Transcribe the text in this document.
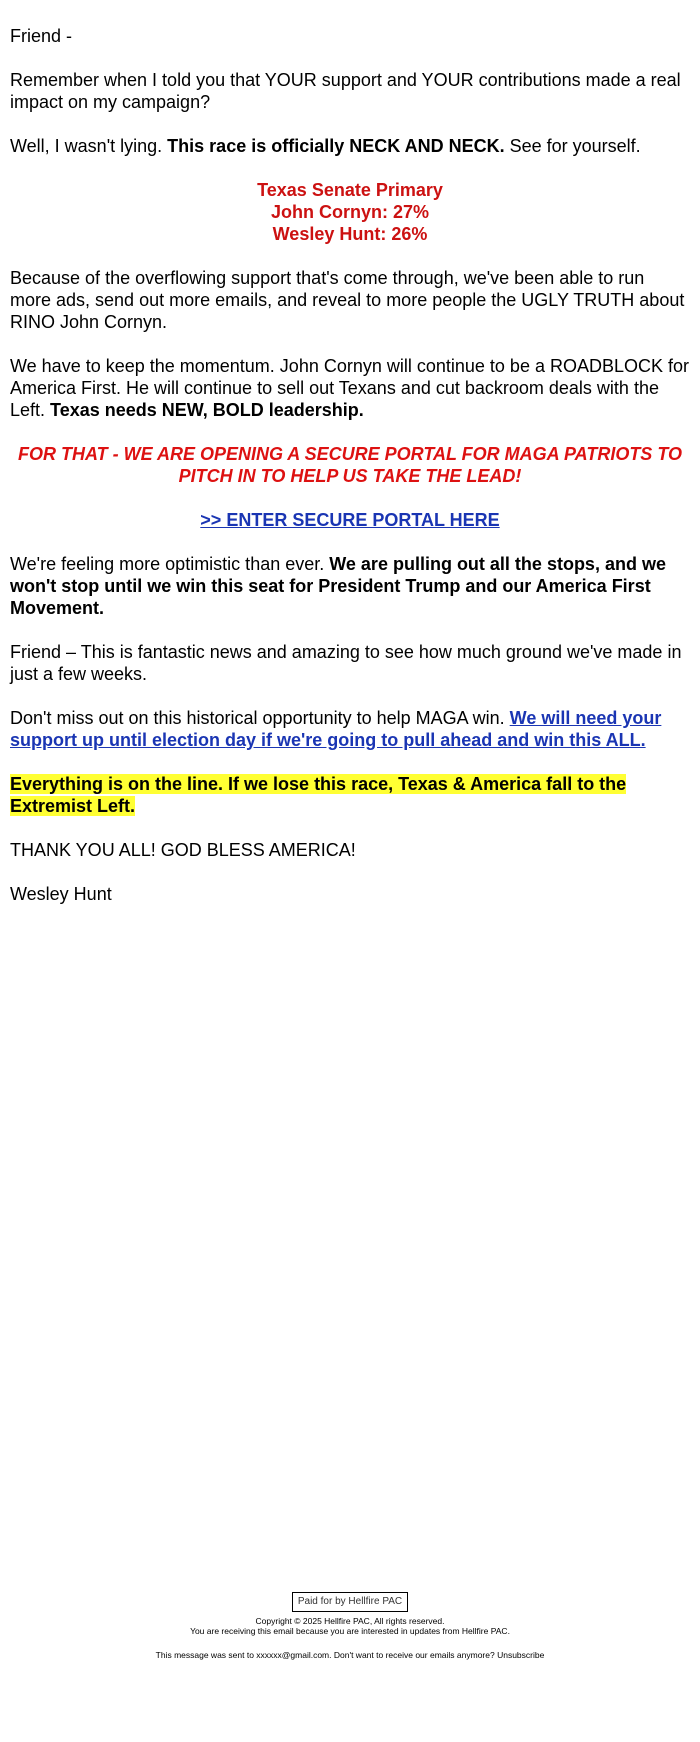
Friend -

Remember when I told you that YOUR support and YOUR contributions made a real impact on my campaign?

Well, I wasn't lying. This race is officially NECK AND NECK. See for yourself.

Texas Senate Primary
John Cornyn: 27%
Wesley Hunt: 26%

Because of the overflowing support that's come through, we've been able to run more ads, send out more emails, and reveal to more people the UGLY TRUTH about RINO John Cornyn.

We have to keep the momentum. John Cornyn will continue to be a ROADBLOCK for America First. He will continue to sell out Texans and cut backroom deals with the Left. Texas needs NEW, BOLD leadership.

FOR THAT - WE ARE OPENING A SECURE PORTAL FOR MAGA PATRIOTS TO PITCH IN TO HELP US TAKE THE LEAD!

>> ENTER SECURE PORTAL HERE

We're feeling more optimistic than ever. We are pulling out all the stops, and we won't stop until we win this seat for President Trump and our America First Movement.

Friend – This is fantastic news and amazing to see how much ground we've made in just a few weeks.

Don't miss out on this historical opportunity to help MAGA win. We will need your support up until election day if we're going to pull ahead and win this ALL.

Everything is on the line. If we lose this race, Texas & America fall to the Extremist Left.

THANK YOU ALL! GOD BLESS AMERICA!

Wesley Hunt

Paid for by Hellfire PAC
Copyright © 2025 Hellfire PAC, All rights reserved.
You are receiving this email because you are interested in updates from Hellfire PAC.
This message was sent to xxxxxx@gmail.com. Don't want to receive our emails anymore? Unsubscribe
